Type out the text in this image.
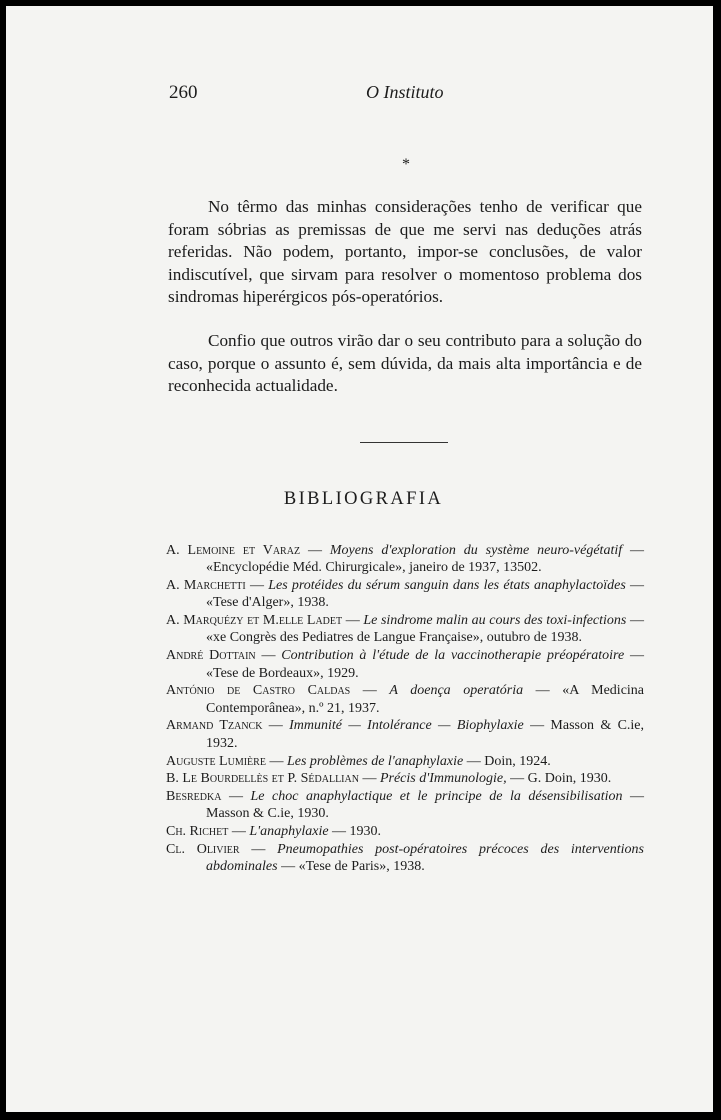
260	O Instituto
*

No têrmo das minhas considerações tenho de verificar que foram sóbrias as premissas de que me servi nas deduções atrás referidas. Não podem, portanto, impor-se conclusões, de valor indiscutível, que sirvam para resolver o momentoso problema dos sindromas hiperérgicos pós-operatórios.

Confio que outros virão dar o seu contributo para a solução do caso, porque o assunto é, sem dúvida, da mais alta importância e de reconhecida actualidade.

BIBLIOGRAFIA
A. Lemoine et Varaz — Moyens d'exploration du système neuro-végétatif — «Encyclopédie Méd. Chirurgicale», janeiro de 1937, 13502.
A. Marchetti — Les protéides du sérum sanguin dans les états anaphylactoïdes — «Tese d'Alger», 1938.
A. Marquézy et M.elle Ladet — Le sindrome malin au cours des toxi-infections — «xe Congrès des Pediatres de Langue Française», outubro de 1938.
André Dottain — Contribution à l'étude de la vaccinotherapie préopératoire — «Tese de Bordeaux», 1929.
António de Castro Caldas — A doença operatória — «A Medicina Contemporânea», n.º 21, 1937.
Armand Tzanck — Immunité — Intolérance — Biophylaxie — Masson & C.ie, 1932.
Auguste Lumière — Les problèmes de l'anaphylaxie — Doin, 1924.
B. Le Bourdellès et P. Sédallian — Précis d'Immunologie, — G. Doin, 1930.
Besredka — Le choc anaphylactique et le principe de la désensibilisation — Masson & C.ie, 1930.
Ch. Richet — L'anaphylaxie — 1930.
Cl. Olivier — Pneumopathies post-opératoires précoces des interventions abdominales — «Tese de Paris», 1938.
